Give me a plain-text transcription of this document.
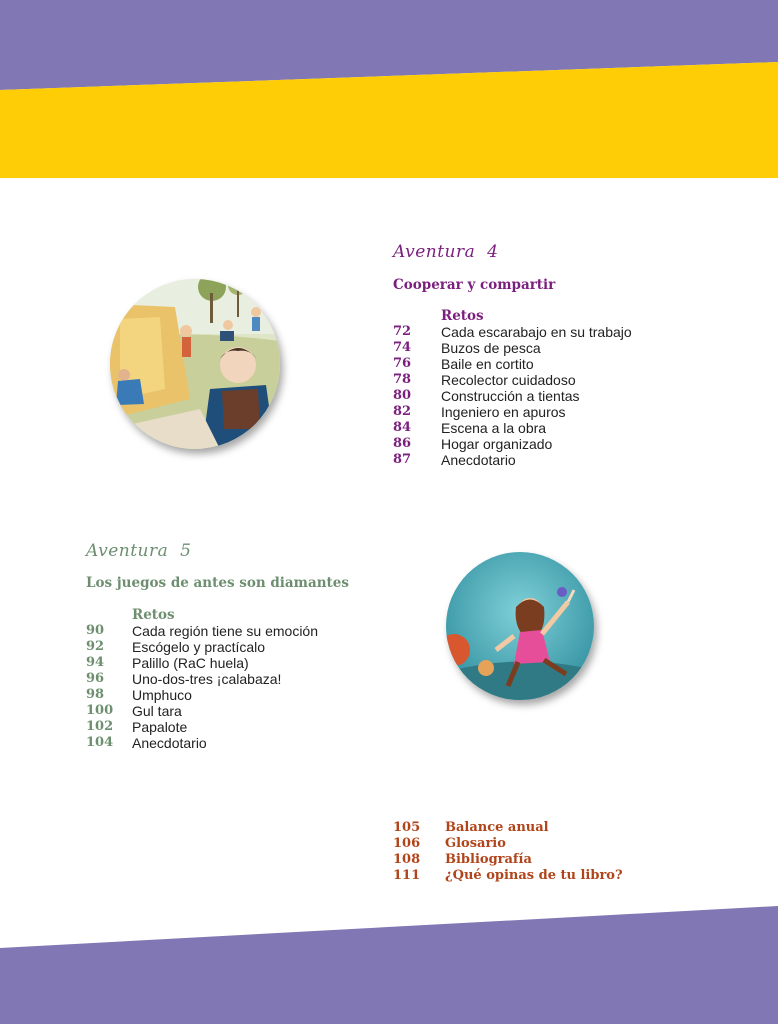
Aventura 4
Cooperar y compartir
Retos
72	Cada escarabajo en su trabajo
74	Buzos de pesca
76	Baile en cortito
78	Recolector cuidadoso
80	Construcción a tientas
82	Ingeniero en apuros
84	Escena a la obra
86	Hogar organizado
87	Anecdotario
Aventura 5
Los juegos de antes son diamantes
Retos
90	Cada región tiene su emoción
92	Escógelo y practícalo
94	Palillo (RaC huela)
96	Uno-dos-tres ¡calabaza!
98	Umphuco
100	Gul tara
102	Papalote
104	Anecdotario
105	Balance anual
106	Glosario
108	Bibliografía
111	¿Qué opinas de tu libro?
